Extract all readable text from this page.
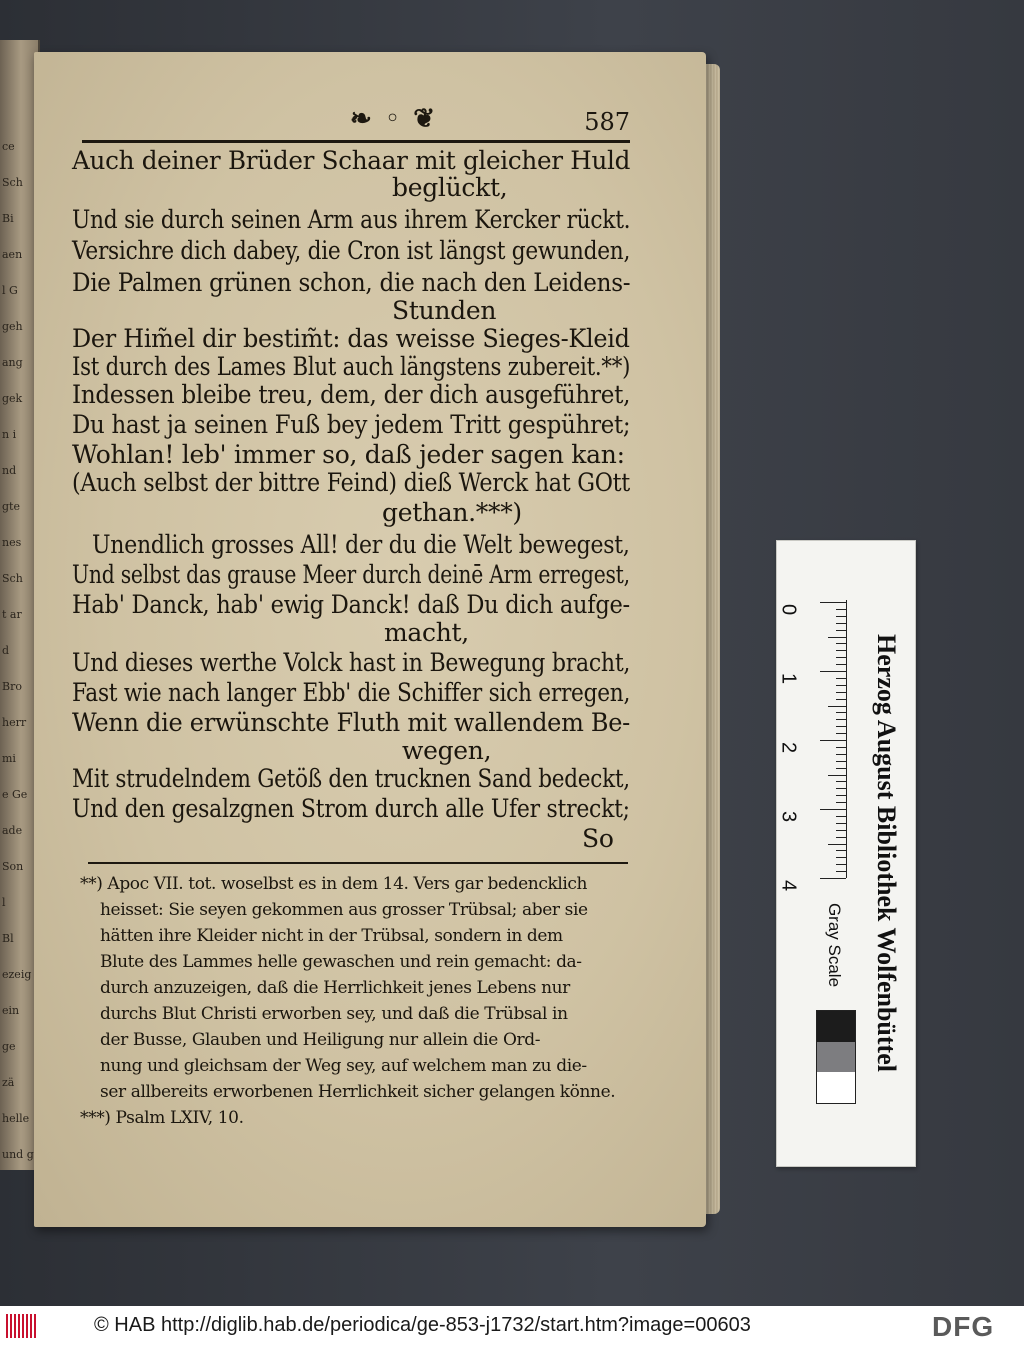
ce
Sch
Bi
aen
l G
geh
ang
gek
n i
nd
gte
nes
Sch
t ar
d
Bro
herr
mi
e Ge
ade
Son
l
Bl
ezeig
ein
ge
zä
helle
und g
❧ ◦ ❦	587
Auch deiner Brüder Schaar mit gleicher Huld
beglückt,
Und sie durch seinen Arm aus ihrem Kercker rückt.
Versichre dich dabey, die Cron ist längst gewunden,
Die Palmen grünen schon, die nach den Leidens-
Stunden
Der Him̃el dir bestim̃t: das weisse Sieges-Kleid
Ist durch des Lames Blut auch längstens zubereit.**)
Indessen bleibe treu, dem, der dich ausgeführet,
Du hast ja seinen Fuß bey jedem Tritt gespühret;
Wohlan! leb' immer so, daß jeder sagen kan:
(Auch selbst der bittre Feind) dieß Werck hat GOtt
gethan.***)
Unendlich grosses All! der du die Welt bewegest,
Und selbst das grause Meer durch deinē Arm erregest,
Hab' Danck, hab' ewig Danck! daß Du dich aufge-
macht,
Und dieses werthe Volck hast in Bewegung bracht,
Fast wie nach langer Ebb' die Schiffer sich erregen,
Wenn die erwünschte Fluth mit wallendem Be-
wegen,
Mit strudelndem Getöß den trucknen Sand bedeckt,
Und den gesalzgnen Strom durch alle Ufer streckt;
So
**) Apoc VII. tot. woselbst es in dem 14. Vers gar bedencklich
heisset: Sie seyen gekommen aus grosser Trübsal; aber sie
hätten ihre Kleider nicht in der Trübsal, sondern in dem
Blute des Lammes helle gewaschen und rein gemacht: da-
durch anzuzeigen, daß die Herrlichkeit jenes Lebens nur
durchs Blut Christi erworben sey, und daß die Trübsal in
der Busse, Glauben und Heiligung nur allein die Ord-
nung und gleichsam der Weg sey, auf welchem man zu die-
ser allbereits erworbenen Herrlichkeit sicher gelangen könne.
***) Psalm LXIV, 10.
0
1
2
3
4	Herzog August Bibliothek Wolfenbüttel
Gray Scale
© HAB http://diglib.hab.de/periodica/ge-853-j1732/start.htm?image=00603	DFG
